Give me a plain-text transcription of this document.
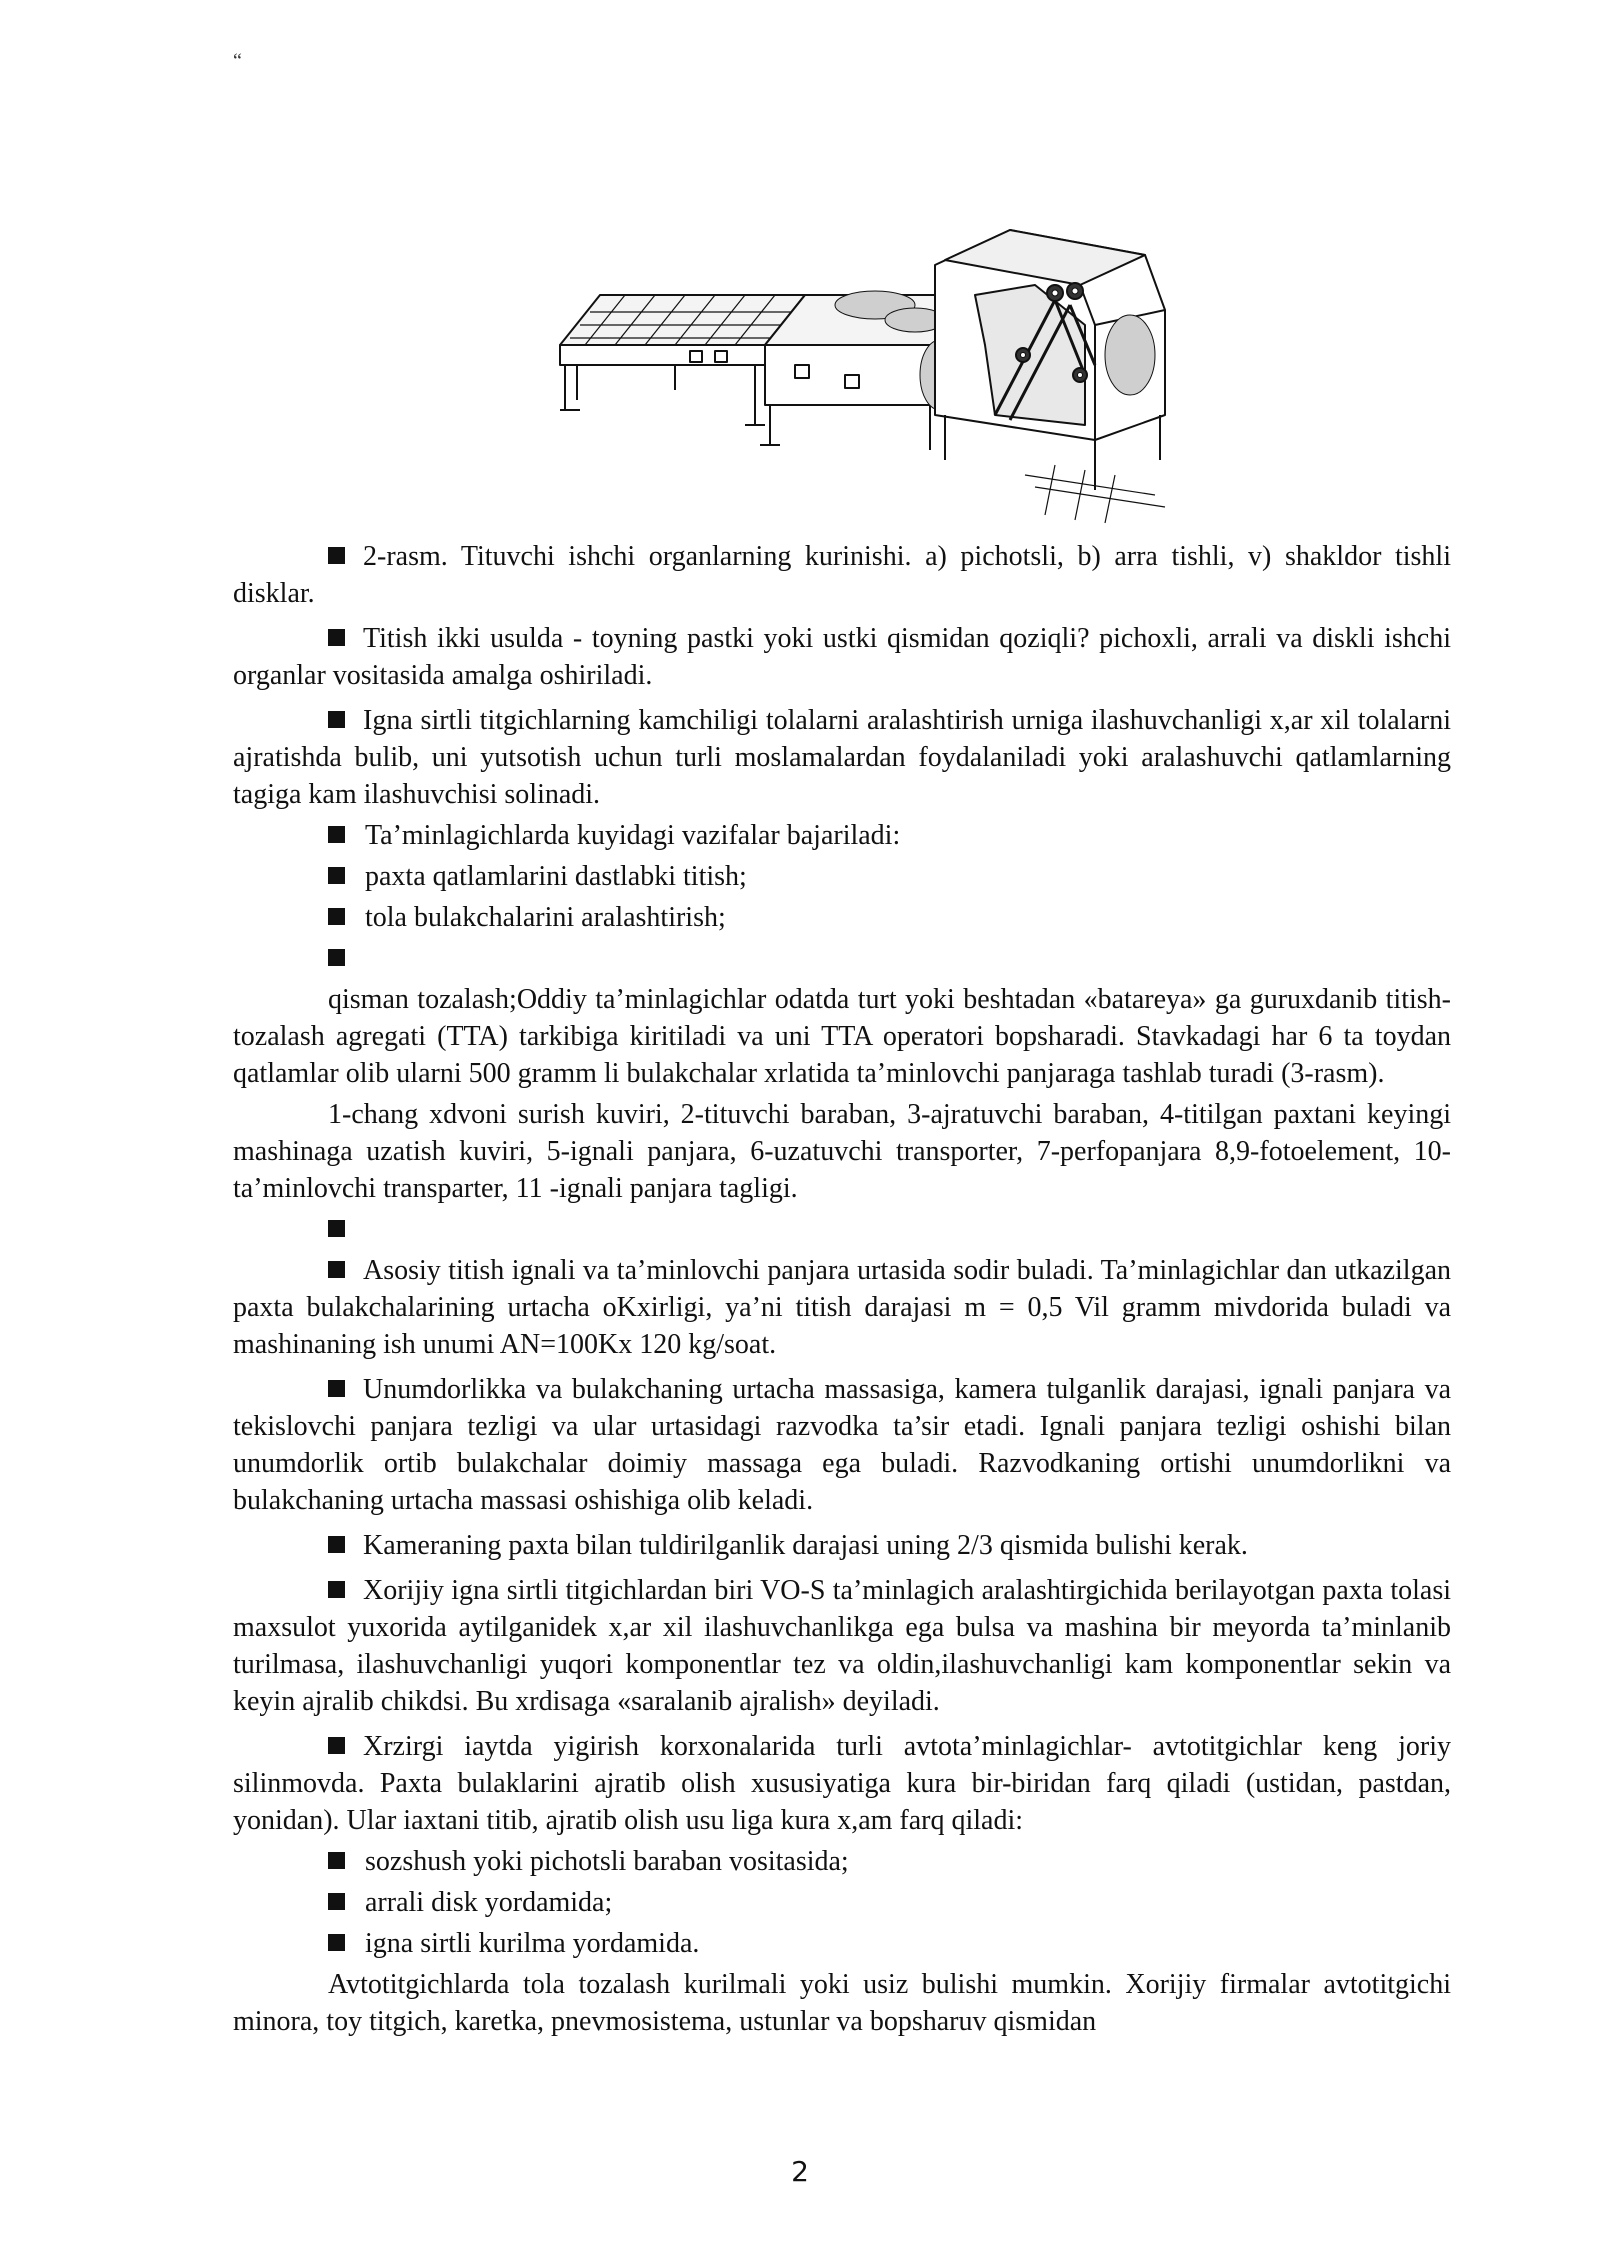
“

2-rasm. Tituvchi ishchi organlarning kurinishi. a) pichotsli, b) arra tishli, v) shakldor tishli disklar.

Titish ikki usulda - toyning pastki yoki ustki qismidan qoziqli? pichoxli, arrali va diskli ishchi organlar vositasida amalga oshiriladi.

Igna sirtli titgichlarning kamchiligi tolalarni aralashtirish urniga ilashuvchanligi x,ar xil tolalarni ajratishda bulib, uni yutsotish uchun turli moslamalardan foydalaniladi yoki aralashuvchi qatlamlarning tagiga kam ilashuvchisi solinadi.

Ta’minlagichlarda kuyidagi vazifalar bajariladi:

paxta qatlamlarini dastlabki titish;

tola bulakchalarini aralashtirish;

qisman tozalash;Oddiy ta’minlagichlar odatda turt yoki beshtadan «batareya» ga guruxdanib titish-tozalash agregati (TTA) tarkibiga kiritiladi va uni TTA operatori bopsharadi. Stavkadagi har 6 ta toydan qatlamlar olib ularni 500 gramm li bulakchalar xrlatida ta’minlovchi panjaraga tashlab turadi (3-rasm).

1-chang xdvoni surish kuviri, 2-tituvchi baraban, 3-ajratuvchi baraban, 4-titilgan paxtani keyingi mashinaga uzatish kuviri, 5-ignali panjara, 6-uzatuvchi transporter, 7-perfopanjara 8,9-fotoelement, 10-ta’minlovchi transparter, 11 -ignali panjara tagligi.

Asosiy titish ignali va ta’minlovchi panjara urtasida sodir buladi. Ta’minlagichlar dan utkazilgan paxta bulakchalarining urtacha oKxirligi, ya’ni titish darajasi m = 0,5 Vil gramm mivdorida buladi va mashinaning ish unumi AN=100Kx 120 kg/soat.

Unumdorlikka va bulakchaning urtacha massasiga, kamera tulganlik darajasi, ignali panjara va tekislovchi panjara tezligi va ular urtasidagi razvodka ta’sir etadi. Ignali panjara tezligi oshishi bilan unumdorlik ortib bulakchalar doimiy massaga ega buladi. Razvodkaning ortishi unumdorlikni va bulakchaning urtacha massasi oshishiga olib keladi.

Kameraning paxta bilan tuldirilganlik darajasi uning 2/3 qismida bulishi kerak.

Xorijiy igna sirtli titgichlardan biri VO-S ta’minlagich aralashtirgichida berilayotgan paxta tolasi maxsulot yuxorida aytilganidek x,ar xil ilashuvchanlikga ega bulsa va mashina bir meyorda ta’minlanib turilmasa, ilashuvchanligi yuqori komponentlar tez va oldin,ilashuvchanligi kam komponentlar sekin va keyin ajralib chikdsi. Bu xrdisaga «saralanib ajralish» deyiladi.

Xrzirgi iaytda yigirish korxonalarida turli avtota’minlagichlar- avtotitgichlar keng joriy silinmovda. Paxta bulaklarini ajratib olish xususiyatiga kura bir-biridan farq qiladi (ustidan, pastdan, yonidan). Ular iaxtani titib, ajratib olish usu liga kura x,am farq qiladi:

sozshush yoki pichotsli baraban vositasida;

arrali disk yordamida;

igna sirtli kurilma yordamida.

Avtotitgichlarda tola tozalash kurilmali yoki usiz bulishi mumkin. Xorijiy firmalar avtotitgichi minora, toy titgich, karetka, pnevmosistema, ustunlar va bopsharuv qismidan

2
